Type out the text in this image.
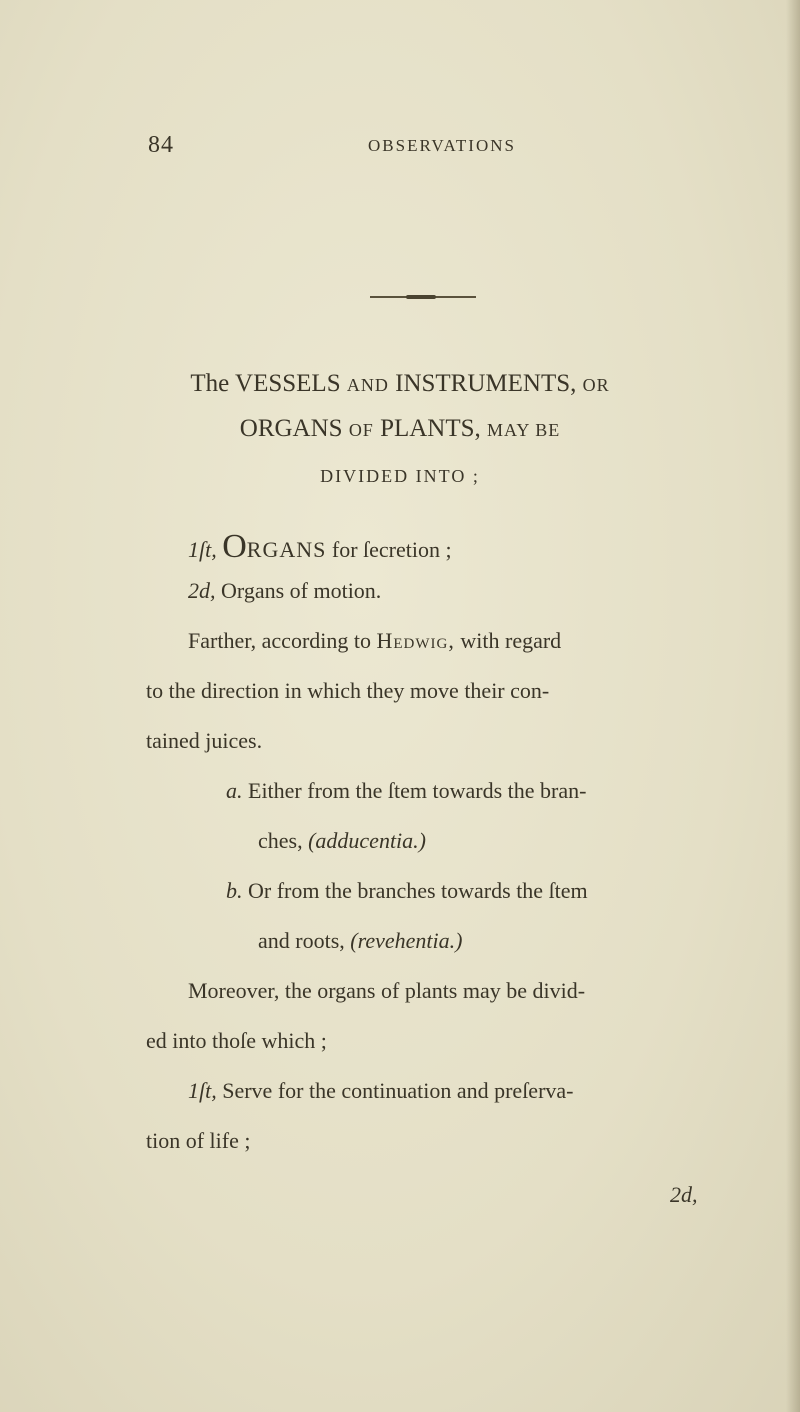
84	OBSERVATIONS
The VESSELS AND INSTRUMENTS, OR
ORGANS OF PLANTS, MAY BE
DIVIDED INTO ;
1ſt, ORGANS for ſecretion ;
2d, Organs of motion.
Farther, according to Hedwig, with regard
to the direction in which they move their con-
tained juices.
a. Either from the ſtem towards the bran-
ches, (adducentia.)
b. Or from the branches towards the ſtem
and roots, (revehentia.)
Moreover, the organs of plants may be divid-
ed into thoſe which ;
1ſt, Serve for the continuation and preſerva-
tion of life ;
2d,
